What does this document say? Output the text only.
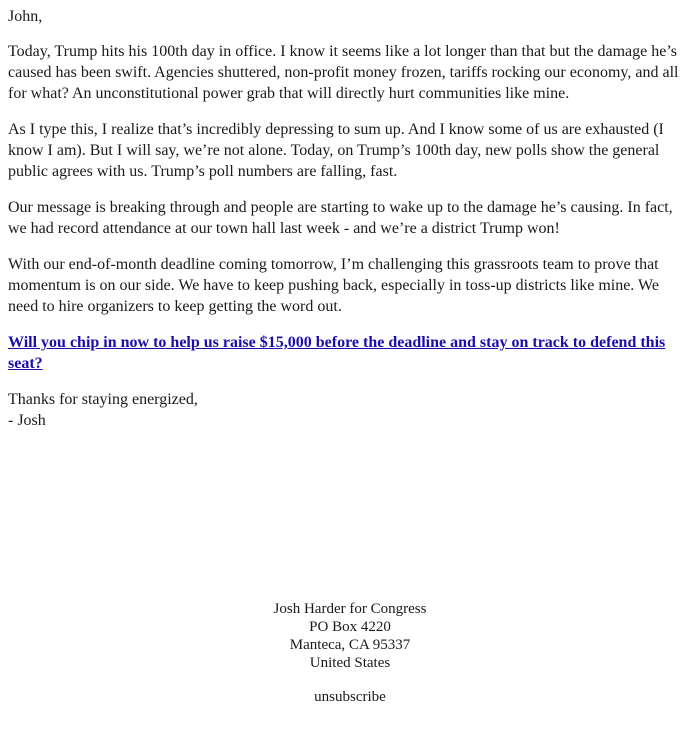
John,

Today, Trump hits his 100th day in office. I know it seems like a lot longer than that but the damage he’s caused has been swift. Agencies shuttered, non-profit money frozen, tariffs rocking our economy, and all for what? An unconstitutional power grab that will directly hurt communities like mine.

As I type this, I realize that’s incredibly depressing to sum up. And I know some of us are exhausted (I know I am). But I will say, we’re not alone. Today, on Trump’s 100th day, new polls show the general public agrees with us. Trump’s poll numbers are falling, fast.

Our message is breaking through and people are starting to wake up to the damage he’s causing. In fact, we had record attendance at our town hall last week - and we’re a district Trump won!

With our end-of-month deadline coming tomorrow, I’m challenging this grassroots team to prove that momentum is on our side. We have to keep pushing back, especially in toss-up districts like mine. We need to hire organizers to keep getting the word out.

Will you chip in now to help us raise $15,000 before the deadline and stay on track to defend this seat?

Thanks for staying energized,
- Josh

Josh Harder for Congress
PO Box 4220
Manteca, CA 95337
United States
unsubscribe
